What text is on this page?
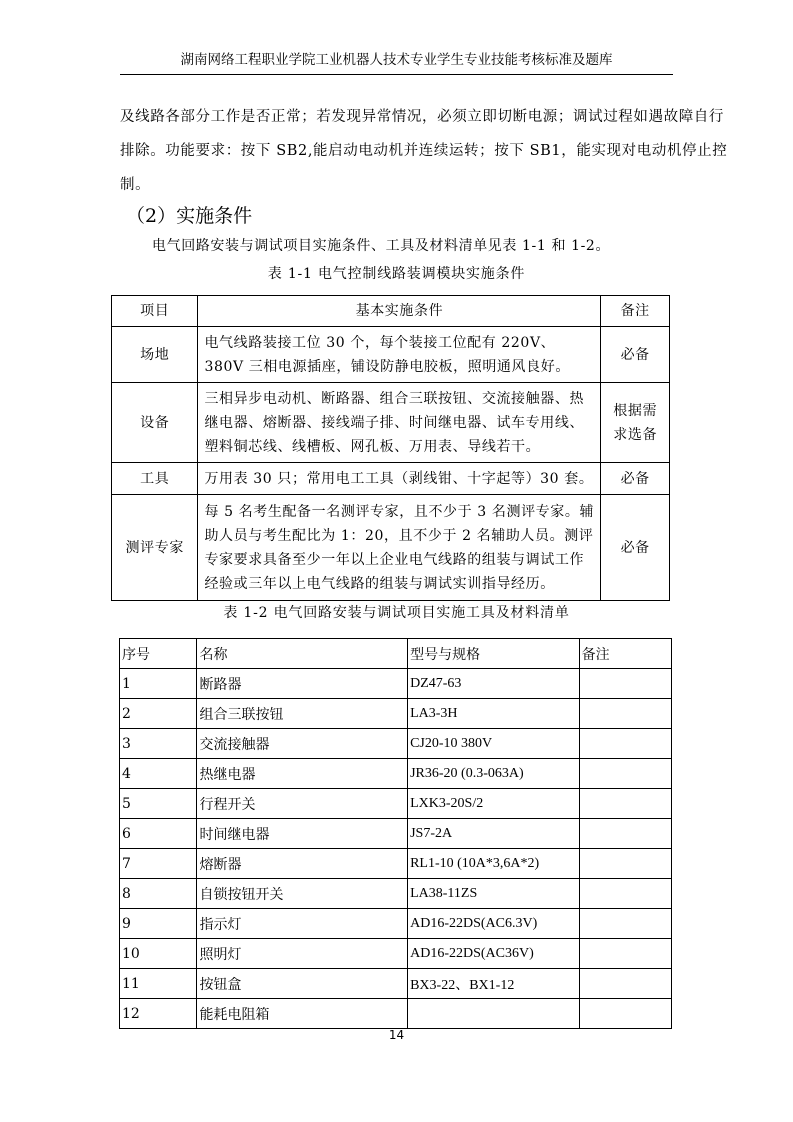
湖南网络工程职业学院工业机器人技术专业学生专业技能考核标准及题库

及线路各部分工作是否正常；若发现异常情况，必须立即切断电源；调试过程如遇故障自行
排除。功能要求：按下 SB2,能启动电动机并连续运转；按下 SB1，能实现对电动机停止控
制。

（2）实施条件
电气回路安装与调试项目实施条件、工具及材料清单见表 1-1 和 1-2。
表 1-1 电气控制线路装调模块实施条件
项目	基本实施条件	备注
场地	电气线路装接工位 30 个，每个装接工位配有 220V、380V 三相电源插座，铺设防静电胶板，照明通风良好。	必备
设备	三相异步电动机、断路器、组合三联按钮、交流接触器、热继电器、熔断器、接线端子排、时间继电器、试车专用线、塑料铜芯线、线槽板、网孔板、万用表、导线若干。	根据需求选备
工具	万用表 30 只；常用电工工具（剥线钳、十字起等）30 套。	必备
测评专家	每 5 名考生配备一名测评专家，且不少于 3 名测评专家。辅助人员与考生配比为 1：20，且不少于 2 名辅助人员。测评专家要求具备至少一年以上企业电气线路的组装与调试工作经验或三年以上电气线路的组装与调试实训指导经历。	必备
表 1-2 电气回路安装与调试项目实施工具及材料清单
序号	名称	型号与规格	备注
1	断路器	DZ47-63	
2	组合三联按钮	LA3-3H	
3	交流接触器	CJ20-10 380V	
4	热继电器	JR36-20 (0.3-063A)	
5	行程开关	LXK3-20S/2	
6	时间继电器	JS7-2A	
7	熔断器	RL1-10 (10A*3,6A*2)	
8	自锁按钮开关	LA38-11ZS	
9	指示灯	AD16-22DS(AC6.3V)	
10	照明灯	AD16-22DS(AC36V)	
11	按钮盒	BX3-22、BX1-12	
12	能耗电阻箱		
14
